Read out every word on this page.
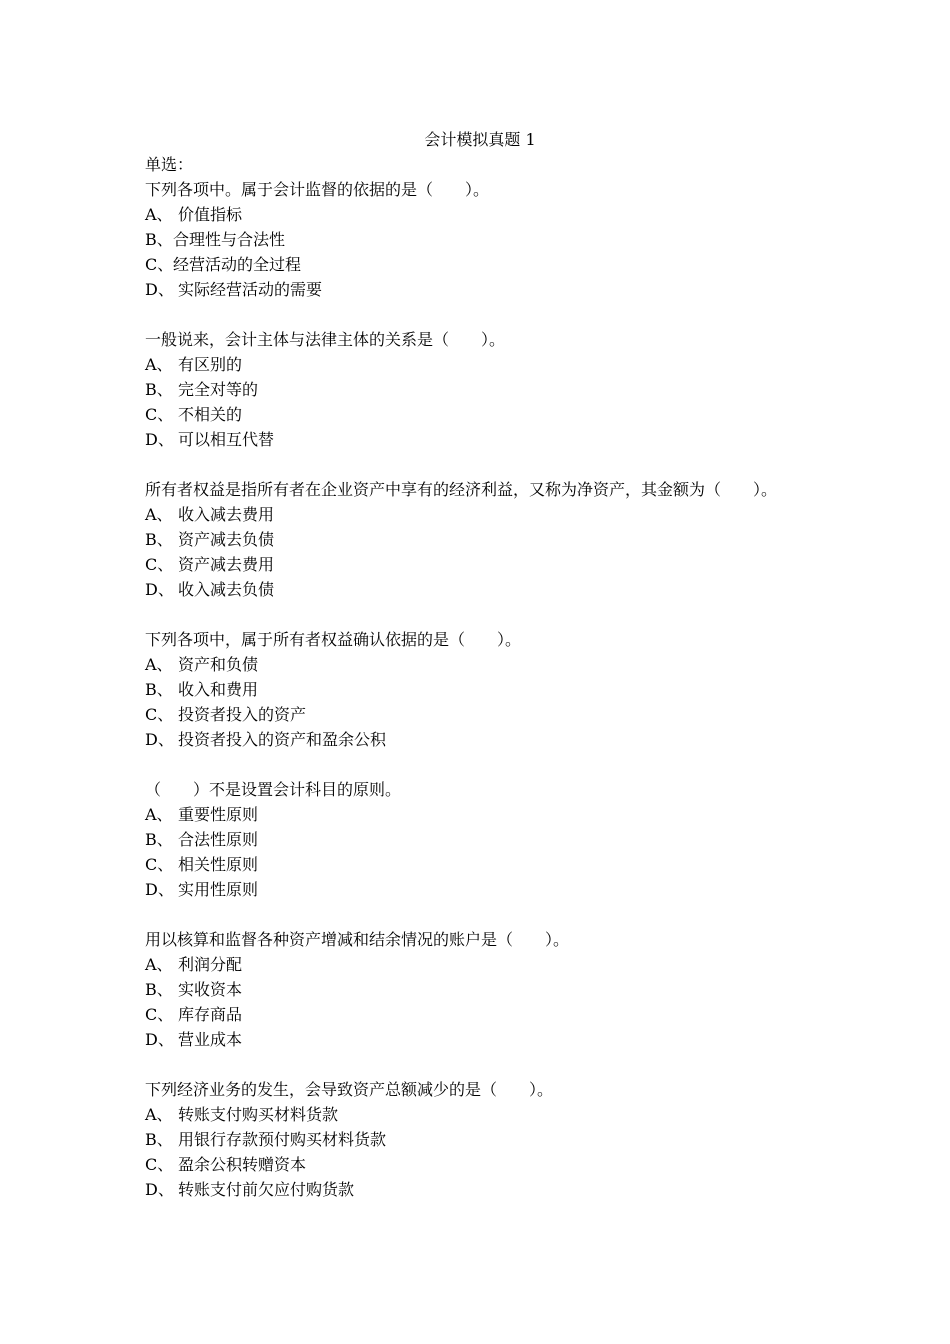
会计模拟真题 1
单选：
下列各项中。属于会计监督的依据的是（　　）。
A、 价值指标
B、合理性与合法性
C、经营活动的全过程
D、 实际经营活动的需要
一般说来，会计主体与法律主体的关系是（　　）。
A、 有区别的
B、 完全对等的
C、 不相关的
D、 可以相互代替
所有者权益是指所有者在企业资产中享有的经济利益，又称为净资产，其金额为（　　）。
A、 收入减去费用
B、 资产减去负债
C、 资产减去费用
D、 收入减去负债
下列各项中，属于所有者权益确认依据的是（　　）。
A、 资产和负债
B、 收入和费用
C、 投资者投入的资产
D、 投资者投入的资产和盈余公积
（　　）不是设置会计科目的原则。
A、 重要性原则
B、 合法性原则
C、 相关性原则
D、 实用性原则
用以核算和监督各种资产增减和结余情况的账户是（　　）。
A、 利润分配
B、 实收资本
C、 库存商品
D、 营业成本
下列经济业务的发生，会导致资产总额减少的是（　　）。
A、 转账支付购买材料货款
B、 用银行存款预付购买材料货款
C、 盈余公积转赠资本
D、 转账支付前欠应付购货款
